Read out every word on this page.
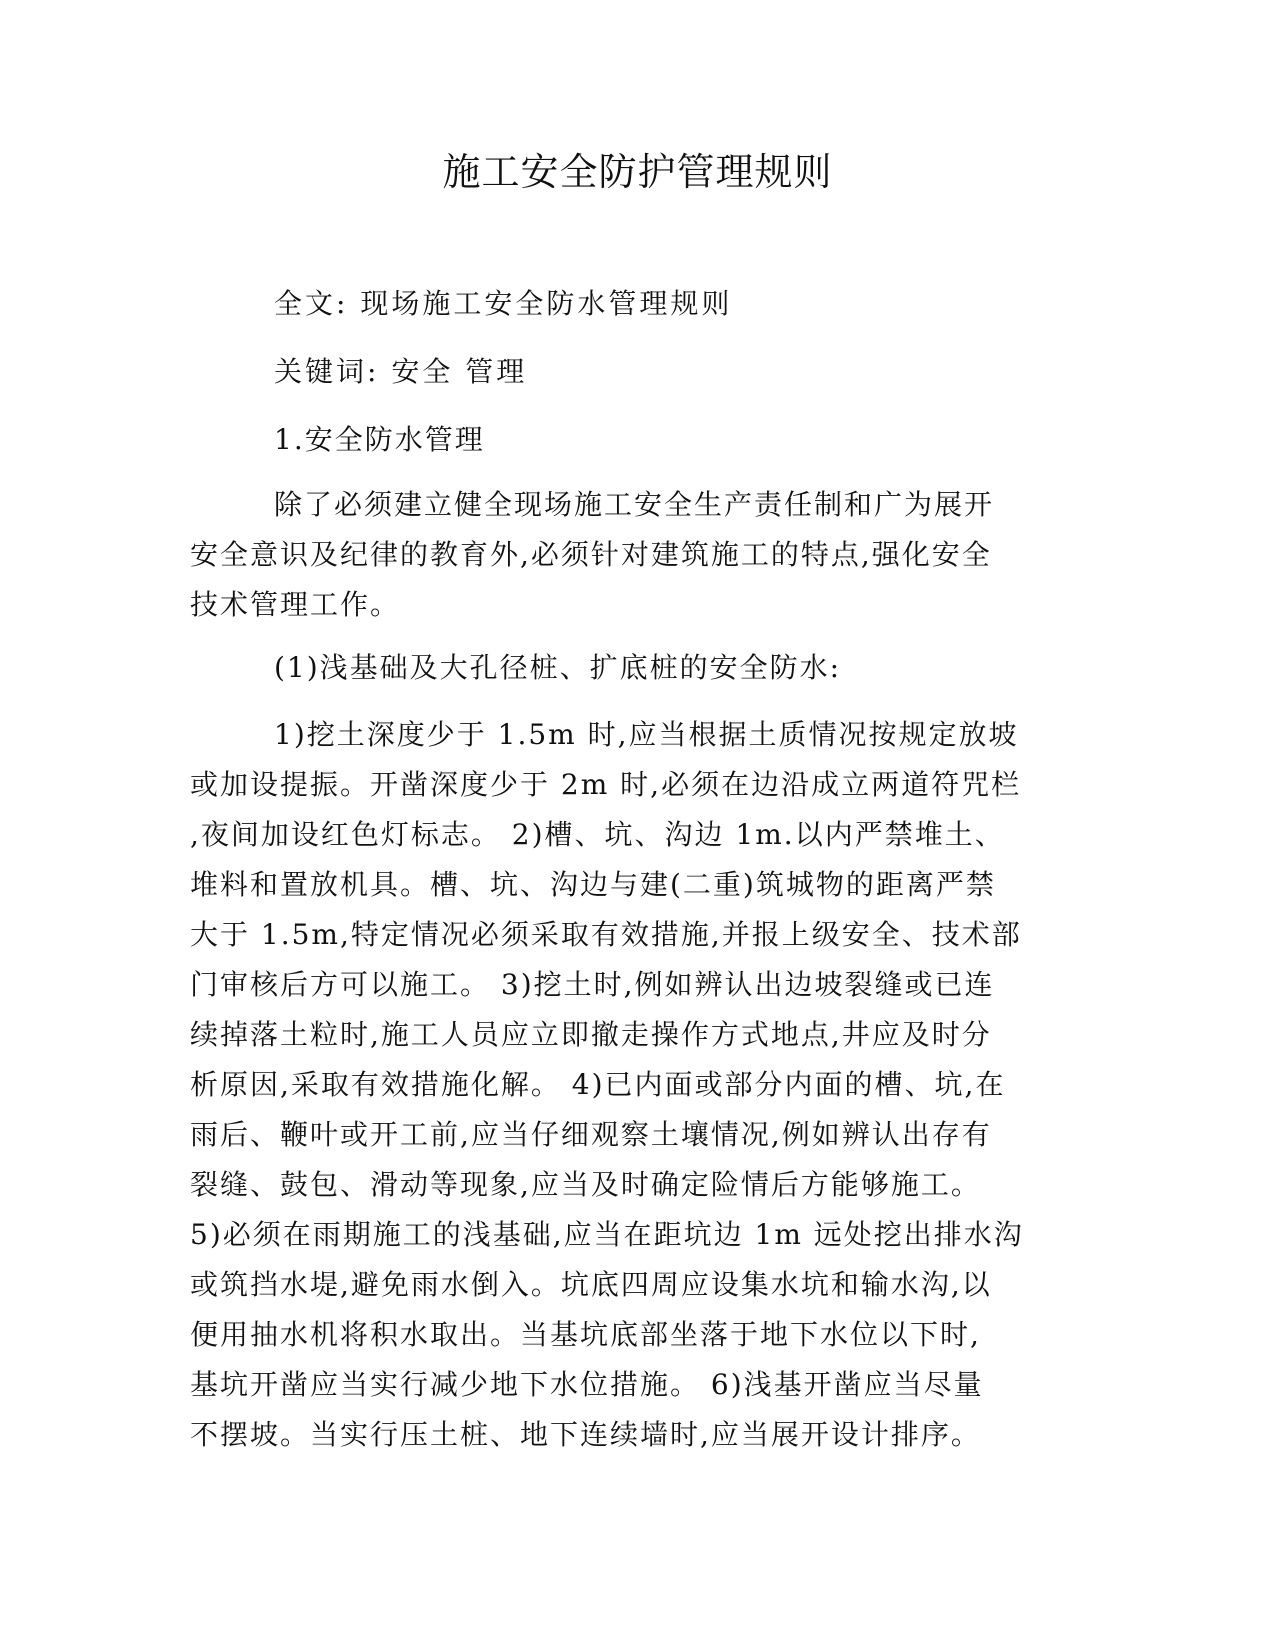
施工安全防护管理规则
全文: 现场施工安全防水管理规则
关键词: 安全 管理
1.安全防水管理
除了必须建立健全现场施工安全生产责任制和广为展开
安全意识及纪律的教育外,必须针对建筑施工的特点,强化安全
技术管理工作。
(1)浅基础及大孔径桩、扩底桩的安全防水:
1)挖土深度少于 1.5m 时,应当根据土质情况按规定放坡
或加设提振。开凿深度少于 2m 时,必须在边沿成立两道符咒栏
,夜间加设红色灯标志。 2)槽、坑、沟边 1m.以内严禁堆土、
堆料和置放机具。槽、坑、沟边与建(二重)筑城物的距离严禁
大于 1.5m,特定情况必须采取有效措施,并报上级安全、技术部
门审核后方可以施工。 3)挖土时,例如辨认出边坡裂缝或已连
续掉落土粒时,施工人员应立即撤走操作方式地点,井应及时分
析原因,采取有效措施化解。 4)已内面或部分内面的槽、坑,在
雨后、鞭叶或开工前,应当仔细观察土壤情况,例如辨认出存有
裂缝、鼓包、滑动等现象,应当及时确定险情后方能够施工。
5)必须在雨期施工的浅基础,应当在距坑边 1m 远处挖出排水沟
或筑挡水堤,避免雨水倒入。坑底四周应设集水坑和输水沟,以
便用抽水机将积水取出。当基坑底部坐落于地下水位以下时,
基坑开凿应当实行减少地下水位措施。 6)浅基开凿应当尽量
不摆坡。当实行压土桩、地下连续墙时,应当展开设计排序。
